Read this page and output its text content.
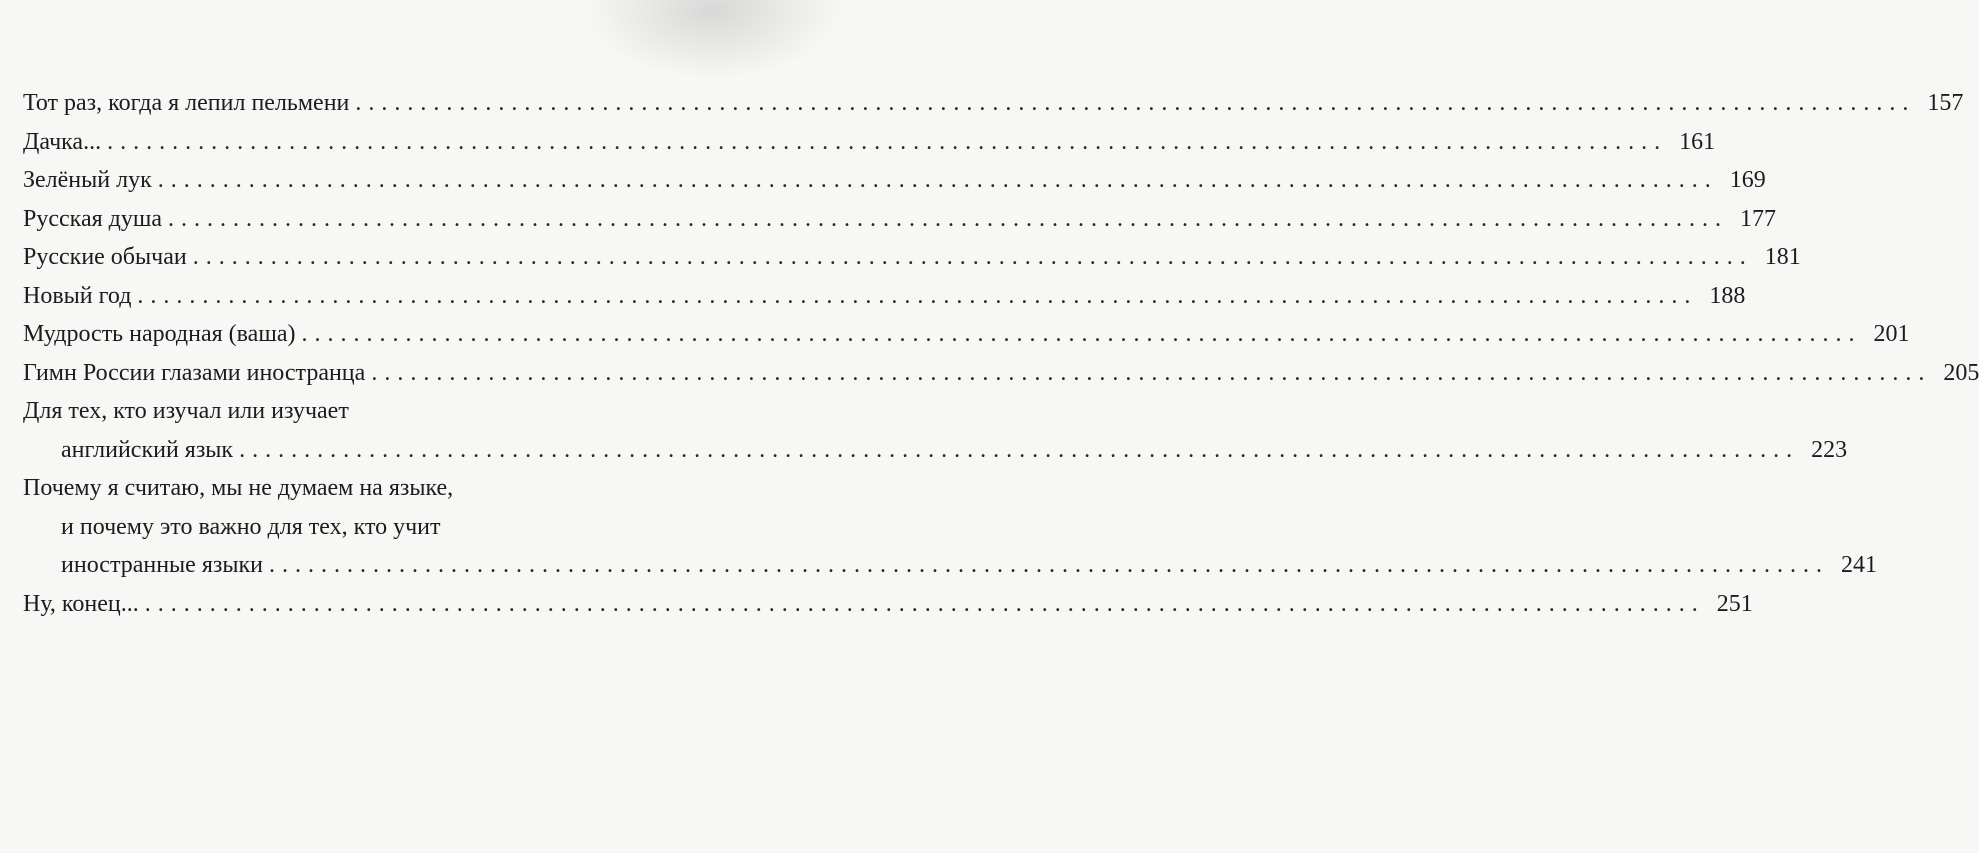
Тот раз, когда я лепил пельмени ........................................................................................................................ 157
Дачка... ........................................................................................................................ 161
Зелёный лук ........................................................................................................................ 169
Русская душа ........................................................................................................................ 177
Русские обычаи ........................................................................................................................ 181
Новый год ........................................................................................................................ 188
Мудрость народная (ваша) ........................................................................................................................ 201
Гимн России глазами иностранца ........................................................................................................................ 205
Для тех, кто изучал или изучает
английский язык ........................................................................................................................ 223
Почему я считаю, мы не думаем на языке,
и почему это важно для тех, кто учит
иностранные языки ........................................................................................................................ 241
Ну, конец... ........................................................................................................................ 251
